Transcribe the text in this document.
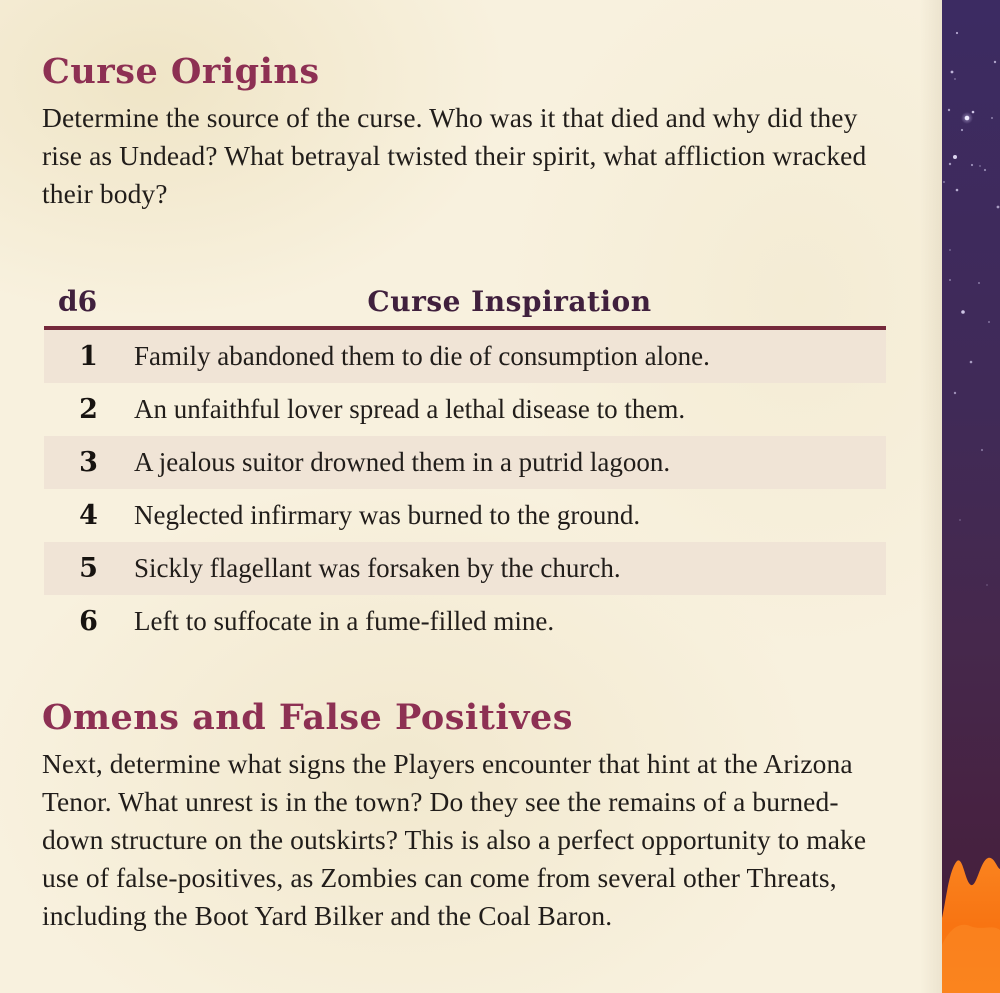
Curse Origins

Determine the source of the curse. Who was it that died and why did they rise as Undead? What betrayal twisted their spirit, what affliction wracked their body?

d6	Curse Inspiration
1	Family abandoned them to die of consumption alone.
2	An unfaithful lover spread a lethal disease to them.
3	A jealous suitor drowned them in a putrid lagoon.
4	Neglected infirmary was burned to the ground.
5	Sickly flagellant was forsaken by the church.
6	Left to suffocate in a fume-filled mine.
Omens and False Positives

Next, determine what signs the Players encounter that hint at the Arizona Tenor. What unrest is in the town? Do they see the remains of a burned-down structure on the outskirts? This is also a perfect opportunity to make use of false-positives, as Zombies can come from several other Threats, including the Boot Yard Bilker and the Coal Baron.
